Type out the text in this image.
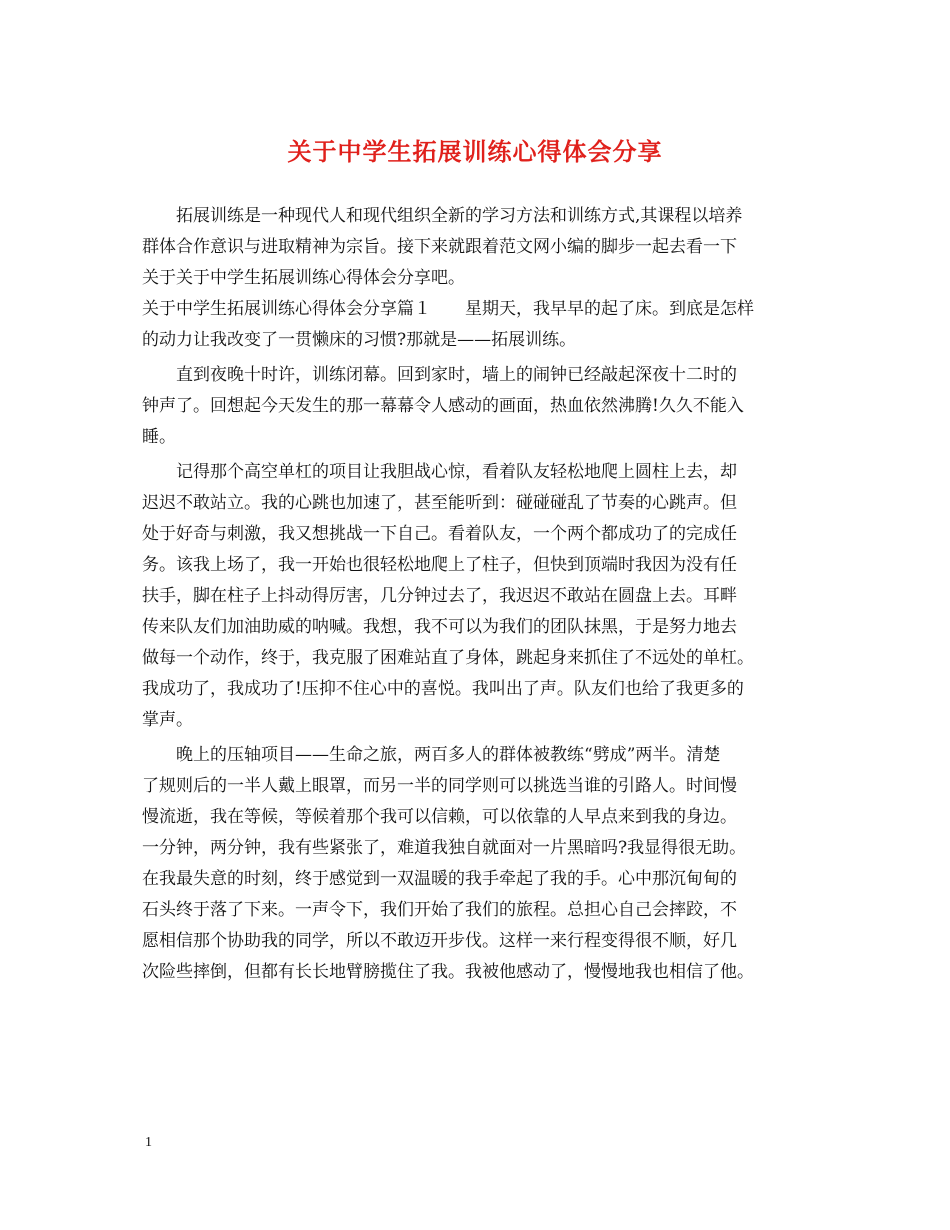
关于中学生拓展训练心得体会分享
　　拓展训练是一种现代人和现代组织全新的学习方法和训练方式,其课程以培养
群体合作意识与进取精神为宗旨。接下来就跟着范文网小编的脚步一起去看一下
关于关于中学生拓展训练心得体会分享吧。
关于中学生拓展训练心得体会分享篇１　　星期天，我早早的起了床。到底是怎样
的动力让我改变了一贯懒床的习惯?那就是——拓展训练。
　　直到夜晚十时许，训练闭幕。回到家时，墙上的闹钟已经敲起深夜十二时的
钟声了。回想起今天发生的那一幕幕令人感动的画面，热血依然沸腾!久久不能入
睡。
　　记得那个高空单杠的项目让我胆战心惊，看着队友轻松地爬上圆柱上去，却
迟迟不敢站立。我的心跳也加速了，甚至能听到：碰碰碰乱了节奏的心跳声。但
处于好奇与刺激，我又想挑战一下自己。看着队友，一个两个都成功了的完成任
务。该我上场了，我一开始也很轻松地爬上了柱子，但快到顶端时我因为没有任
扶手，脚在柱子上抖动得厉害，几分钟过去了，我迟迟不敢站在圆盘上去。耳畔
传来队友们加油助威的呐喊。我想，我不可以为我们的团队抹黑，于是努力地去
做每一个动作，终于，我克服了困难站直了身体，跳起身来抓住了不远处的单杠。
我成功了，我成功了!压抑不住心中的喜悦。我叫出了声。队友们也给了我更多的
掌声。
　　晚上的压轴项目——生命之旅，两百多人的群体被教练“劈成”两半。清楚
了规则后的一半人戴上眼罩，而另一半的同学则可以挑选当谁的引路人。时间慢
慢流逝，我在等候，等候着那个我可以信赖，可以依靠的人早点来到我的身边。
一分钟，两分钟，我有些紧张了，难道我独自就面对一片黑暗吗?我显得很无助。
在我最失意的时刻，终于感觉到一双温暖的我手牵起了我的手。心中那沉甸甸的
石头终于落了下来。一声令下，我们开始了我们的旅程。总担心自己会摔跤，不
愿相信那个协助我的同学，所以不敢迈开步伐。这样一来行程变得很不顺，好几
次险些摔倒，但都有长长地臂膀揽住了我。我被他感动了，慢慢地我也相信了他。
1
